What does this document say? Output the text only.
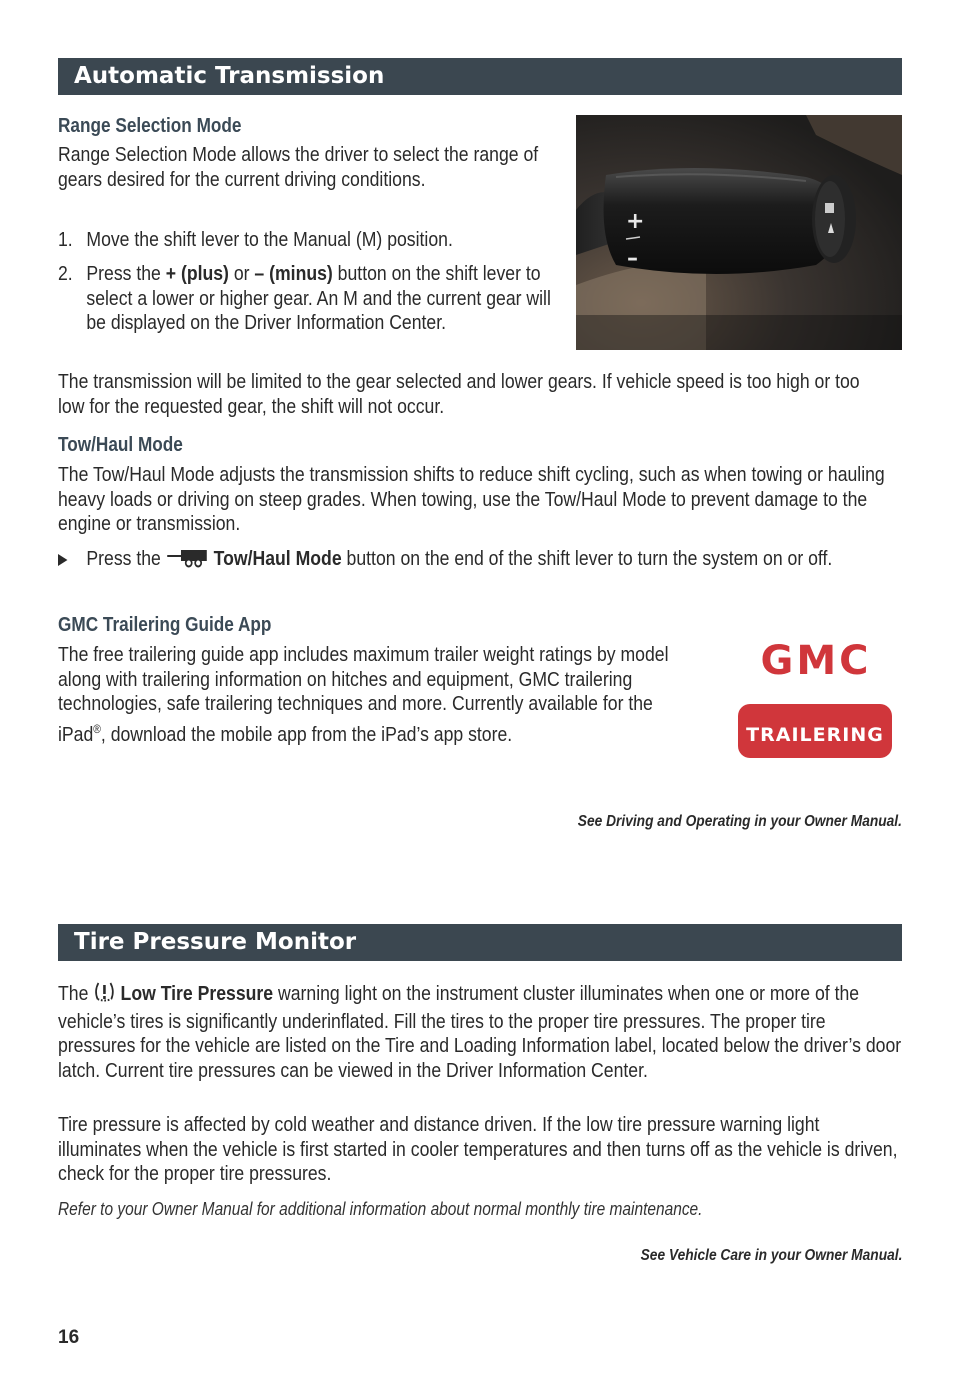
Automatic Transmission
Range Selection Mode
Range Selection Mode allows the driver to select the range of gears desired for the current driving conditions.
1. Move the shift lever to the Manual (M) position.
2. Press the + (plus) or – (minus) button on the shift lever to select a lower or higher gear. An M and the current gear will be displayed on the Driver Information Center.
+
–
The transmission will be limited to the gear selected and lower gears. If vehicle speed is too high or too low for the requested gear, the shift will not occur.
Tow/Haul Mode
The Tow/Haul Mode adjusts the transmission shifts to reduce shift cycling, such as when towing or hauling heavy loads or driving on steep grades. When towing, use the Tow/Haul Mode to prevent damage to the engine or transmission.
Press the  Tow/Haul Mode button on the end of the shift lever to turn the system on or off.
GMC Trailering Guide App
The free trailering guide app includes maximum trailer weight ratings by model along with trailering information on hitches and equipment, GMC trailering technologies, safe trailering techniques and more. Currently available for the iPad®, download the mobile app from the iPad’s app store.
GMC
TRAILERING
See Driving and Operating in your Owner Manual.
Tire Pressure Monitor
The  Low Tire Pressure warning light on the instrument cluster illuminates when one or more of the vehicle’s tires is significantly underinflated. Fill the tires to the proper tire pressures. The proper tire pressures for the vehicle are listed on the Tire and Loading Information label, located below the driver’s door latch. Current tire pressures can be viewed in the Driver Information Center.
Tire pressure is affected by cold weather and distance driven. If the low tire pressure warning light illuminates when the vehicle is first started in cooler temperatures and then turns off as the vehicle is driven, check for the proper tire pressures.
Refer to your Owner Manual for additional information about normal monthly tire maintenance.
See Vehicle Care in your Owner Manual.
16
